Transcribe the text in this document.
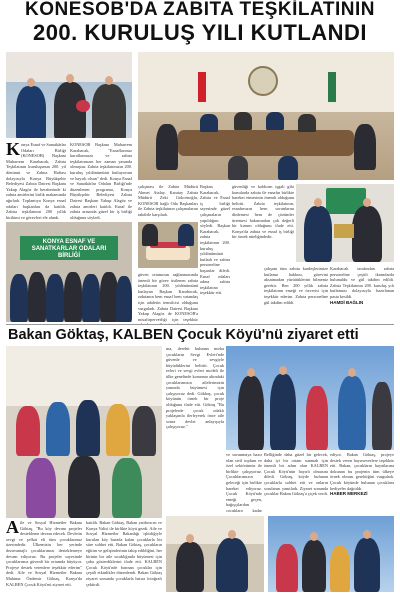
KONESOB'DA ZABITA TEŞKİLATININ
200. KURULUŞ YILI KUTLANDI
K onya Esnaf ve Sanatkârlar Odaları Birliği (KONESOB) Başkanı Muharrem Karabacak, Zabıta Teşkilatının kuruluşunun 200. yıl dönümü ve Zabıta Haftası dolayısıyla Konya Büyükşehir Belediyesi Zabıta Dairesi Başkanı Yakup Alagöz ile beraberinde ki zabıta amirlerini birlik makamında ağırladı. Toplantıya Konya esnaf odaları başkanları da katıldı. Zabıta teşkilatının 200 yıllık birikimi ve görevleri ele alındı.
KONESOB Başkanı Muharrem Karabacak, "Esnaflarımız kurallarımıza ve zabıta teşkilatımızın her zaman yanında olmuştur. Zabıta teşkilatımızın 200. kuruluş yıldönümünü kutluyorum ve hayırlı olsun" dedi. Konya Esnaf ve Sanatkârlar Odaları Birliği'nde düzenlenen programa, Konya Büyükşehir Belediyesi Zabıta Dairesi Başkanı Yakup Alagöz ve zabıta amirleri katıldı. Esnaf ile zabıta arasında güzel bir iş birliği olduğunu söyledi.
çalışması ile Zabıta Müdürü Ahmet Atalay, Karatay Zabıta Müdürü Zeki Gökcenoğlu, KONESOB bağlı Oda Başkanları ile Zabıta teşkilatının çalışmalarını takdirle karşıladı.
Başkan Karabacak, Zabıta ve Esnaf iş birliği sayesinde güzel çalışmaların yapıldığını söyledi. Başkan Karabacak, zabıta teşkilatının 200. kuruluş yıldönümünü kutladı ve zabıta personeline başarılar diledi. Esnaf odaları adına zabıta teşkilatına teşekkür etti.
güvenliği ve kaldırım işgali gibi konularda zabıta ile esnafın birlikte hareket etmesinin önemli olduğunu belirtti. Zabıta teşkilatının, esnafımızın hem sorunlarını dinlemesi hem de çözümler üretmesi bakımından çok değerli bir kurum olduğunu ifade etti. Konya'da zabıta ve esnaf iş birliği bir örnek niteliğindedir.
KONYA ESNAF VE SANATKARLAR ODALARI BİRLİĞİ
güven ortamının sağlanmasında önemli bir görev üstlenen zabıta teşkilatının 200. yıldönümünü kutlayan Başkan Karabacak, zabıtanın hem esnaf hem vatandaş için adaletin temsilcisi olduğunu vurguladı. Zabıta Dairesi Başkanı Yakup Alagöz de KONESOB'a misafirperverliği için teşekkür
çalışanı tüm zabıta kardeşlerimize kutlama hakkını, görevini aksatmadan yürüttüklerini bilmeniz gerekir. Ben 200 yıllık zabıta teşkilatının emeği ve özverisi için teşekkür ederim. Zabıta personeline gül takdim edildi.
Karabacak tarafından zabıta personeline çeşitli ikramlarda bulunuldu ve gül takdim edildi. Zabıta Teşkilatının 200. kuruluş yılı kutlaması dolayısıyla hazırlanan pasta kesildi.
HAMDİ BAĞLIN
Bakan Göktaş, KALBEN Çocuk Köyü'nü ziyaret etti
ma, derebit bulunan mirka çocukların Sevgi Evleri'nde güvenle ve sevgiyle büyüdüklerini belirtti. Çocuk evleri ve sevgi evleri modeli ile ülke genelinde korunma altındaki çocuklarımızın ailelerimizin yanında büyümesi için çalışıyoruz dedi. Gökbaş, çocuk köyünün örnek bir proje olduğunu ifade etti. Göktaş "Bu projelerde çocuk odaklı yaklaşımla ilerleyerek önce aile sonra devlet anlayışıyla çalışıyoruz."
Belliğinde daha güzel bir gelecek, daha iyi bir ortam sunmak için önemli bir adım olan KALBEN Çocuk Köyü'nün hayırlı olmasını diledi. Göktaş, köyde bulunan çocuklarla sohbet etti ve onların sorularını yanıtladı. Ziyaret sonunda çocuklar Bakan Göktaş'a çiçek verdi.
ediyor. Bakan Göktaş, projeye destek veren hayırseverlere teşekkür etti. Bakan, çocukların hayatlarına dokunan bu projenin tüm ülkeye örnek olması gerektiğini vurguladı. Çocuk köyünde bulunan çocuklara hediyeler dağıtıldı.
HABER MERKEZİ
ve savunmaya hazır olan sivil toplum ve özel sektörümüz ile birlikte çalışıyoruz. Çocuklarımızın geleceği için birlikte hareket ediyoruz. Çocuk Köyü'nde emeği geçen, bağışçılardan çocuklara kadar
A ile ve Sosyal Hizmetler Bakanı Göktaş, "Bu köy devam projeler destekleme devam edecek. Devletin sevgi ve şefkat eli tüm çocuklarımız üzerindedir. Ülkemizin her yerinde dezavantajlı çocuklarımızı desteklemeye devam ediyoruz. Bu projeler sayesinde çocuklarımız güvenli bir ortamda büyüyor. Projeye destek verenlere teşekkür ederim" dedi. Aile ve Sosyal Hizmetler Bakanı Mahinur Özdemir Göktaş, Konya'da KALBEN Çocuk Köyü'nü ziyaret etti.
katıldı. Bakan Göktaş, Bakan yardımcısı ve Konya Valisi ile birlikte köyü gezdi. Aile ve Sosyal Hizmetler Bakanlığı işbirliğiyle kurulan köy burada kalan çocuklarla bir süre sohbet etti. Bakan Göktaş, çocukların eğitim ve gelişimlerinin takip edildiğini, her birinin bir aile sıcaklığında büyümesi için çaba gösterdiklerini ifade etti. KALBEN Çocuk Köyü'nde barınan çocuklar için çeşitli etkinlikler düzenlendi. Bakan Göktaş ziyaret sonunda çocuklarla hatıra fotoğrafı çektirdi.
